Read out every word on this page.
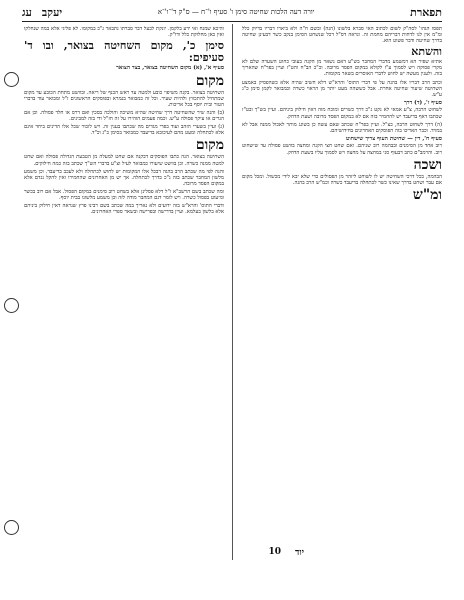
תפארת
יורה דעה הלכות שחיטה סימן ו' סעיף ו'־ח — ס"ק ד'־ו'־א
יעקב
עג

תפסו הגהו' לסה"ק לשום לכתוב האי סברא בלשונו (הנה) ובשם ח"ה ולא ביארו דבריו בדיוק כלל ומ"מ אין לנו לדחות דבריהם מחמת זה. ונראה דס"ל דכל שנשחט הסימן בנקב כשר דבעינן שחיטה בדרך שחיטה ודבר פשוט הוא.

והשתא

אתיא שפיר הא דמשמע מדברי המחבר בש"ע דאם נשאר מן הקנה בעובי כחוט השערה שלם לא מקרי פסוקה ויש לסמוך ע"ז לקולא במקום הפסד מרובה. וכ"כ הב"ח והט"ז ועיין בפר"ח שהאריך בזה. ולענין מעשה יש לחוש לדברי האוסרים בשאר מקומות.

וכתב הרב דבריו אלו בהגה על פי דברי התוס' והרא"ש דלא חשיב שהיה אלא כשהפסיק באמצע השחיטה שיעור שחיטה אחרת. אבל כששהה מעט יותר מן הראוי כשרה וכמבואר לקמן סימן כ"ג ע"ש.

סעיף ז', (ד) דרך

לשחוט הרבה, צ"ע אמאי לא נקט ג"כ דרך כשרים ומוכח מזה דאין חילוק ביניהם. ועיין בש"ך ובט"ז שכתבו דאף בדיעבד יש להחמיר בזה אם לא במקום הפסד מרובה ושעת הדחק.

(ה) דרך לשחוט הרבה, כצ"ל. ועיין בפר"ח שכתב שאם עשה כן בשוגג מותר לאכול ממנה אבל לא במזיד. וכבר האריכו בזה הפוסקים האחרונים בחידושיהם.

סעיף ח', דין — שחיטת העוף צריך שישחוט

רוב אחד מן הסימנים ובבהמה רוב שניהם. ואם שחט חצי הקנה ומחצה בוושט פסולה עד שישחוט רוב. והרמב"ם כתב דבעוף סגי במחצה על מחצה ויש לסמוך עליו בשעת הדחק.

ושכה

הבהמה, בכל דרכי השחיטה יש לו לשוחט ליזהר מן הפסולים כדי שלא יבא לידי מכשול. ומכל מקום אם עבר ושחט בדרך שאינו כשר לכתחלה בדיעבד כשרה וכמ"ש הרב בהגה.

ומ"ש

והיכא שמנח ואי ידע בלקמן. יונקת לבעל דבר סברתו נתבאר ג"כ במקומו. לא פליגי אלא במה שנחלקו ואין כאן מחלוקת כלל ודו"ק.

סימן כ', מקום השחיטה בצואר, ובו ד' סעיפים:
סעיף א', (א) מקום השחיטה בצואר, בצד הצואר
מקום

השחיטה בצואר. בקנה משיפוי כובע ולמטה עד ראש הכנף של ריאה. ובוושט מתחת הכובע עד מקום שמתחיל להתכווץ ולהיות שעיר. וכל זה כמבואר בגמרא ובפוסקים הראשונים ז"ל ומבואר עוד בדברי הטור ובית יוסף בכל אריכות.

(ב) והנה שיר שהשחיטה דרך שחיטה שהיא משיכה והולכה בסכין ואם דרס או חלד פסולה. וכן אם הגרים או עיקר פסולה ע"ש. וכמה פעמים הזהירו על זה חז"ל ודי בזה למבינים.

(ג) ועיין בשערי הזהב ועוד בפרי מגדים מה שכתבו בענין זה. ויש לזכור שכל אלו הדינים ביחד אינם אלא לכתחלה ומעט מהם לעיכובא בדיעבד כמבואר בסימן כ"ג וכ"ד.

מקום

השחיטה בצואר. הנה כתבו הפוסקים דבקנה אם שחט למעלה מן הטבעת הגדולה פסולה ואם שחט למטה ממנה כשרה. וכן בוושט שיעורו כמבואר לעיל וצ"ע בדברי הש"ך שכתב בזה כמה חילוקים.

והנה לפי מה שכתב הרב בהגה דבכל אלו המקומות יש לחוש לכתחלה ולא לעכב בדיעבד. וכן משמע מלשון המחבר שכתב בזה ג"כ בדרך לכתחלה. אך יש מן האחרונים שהחמירו ואין להקל נגדם אלא במקום הפסד מרובה.

ומה שכתב בשם הרשב"א ז"ל דלא פסלינן אלא בשחט רוב סימנים במקום הפסול. אבל אם רוב בכשר ומיעוט בפסול כשרה. ויש לומר דגם המחבר מודה לזה וכן משמע מלשונו בבית יוסף.

ודברי התוס' והרא"ש בזה ידועים ולא נאריך במה שכתב בשם רבינו פרץ שנראה דאין חילוק ביניהם אלא בלשון בעלמא. ועיין בדרישה ובפרישה ובשאר ספרי האחרונים.

יוד
10
